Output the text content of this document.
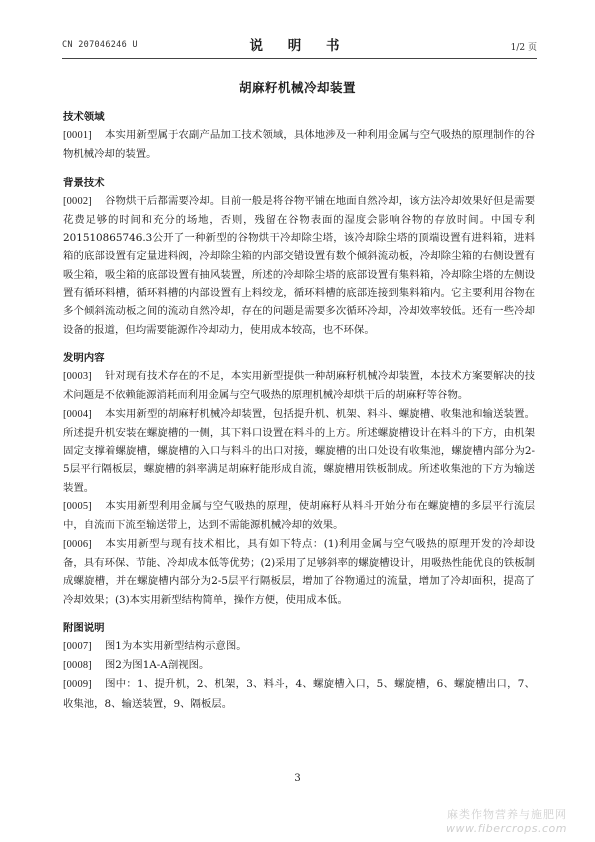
CN 207046246 U	说 明 书	1/2 页
胡麻籽机械冷却装置
技术领域

[0001] 本实用新型属于农副产品加工技术领域，具体地涉及一种利用金属与空气吸热的原理制作的谷物机械冷却的装置。

背景技术

[0002] 谷物烘干后都需要冷却。目前一般是将谷物平铺在地面自然冷却，该方法冷却效果好但是需要花费足够的时间和充分的场地，否则，残留在谷物表面的湿度会影响谷物的存放时间。中国专利201510865746.3公开了一种新型的谷物烘干冷却除尘塔，该冷却除尘塔的顶端设置有进料箱，进料箱的底部设置有定量进料阀，冷却除尘箱的内部交错设置有数个倾斜流动板，冷却除尘箱的右侧设置有吸尘箱，吸尘箱的底部设置有抽风装置，所述的冷却除尘塔的底部设置有集料箱，冷却除尘塔的左侧设置有循环料槽，循环料槽的内部设置有上料绞龙，循环料槽的底部连接到集料箱内。它主要利用谷物在多个倾斜流动板之间的流动自然冷却，存在的问题是需要多次循环冷却，冷却效率较低。还有一些冷却设备的报道，但均需要能源作冷却动力，使用成本较高，也不环保。

发明内容

[0003] 针对现有技术存在的不足，本实用新型提供一种胡麻籽机械冷却装置，本技术方案要解决的技术问题是不依赖能源消耗而利用金属与空气吸热的原理机械冷却烘干后的胡麻籽等谷物。

[0004] 本实用新型的胡麻籽机械冷却装置，包括提升机、机架、料斗、螺旋槽、收集池和输送装置。所述提升机安装在螺旋槽的一侧，其下料口设置在料斗的上方。所述螺旋槽设计在料斗的下方，由机架固定支撑着螺旋槽，螺旋槽的入口与料斗的出口对接，螺旋槽的出口处设有收集池，螺旋槽内部分为2-5层平行隔板层，螺旋槽的斜率满足胡麻籽能形成自流，螺旋槽用铁板制成。所述收集池的下方为输送装置。

[0005] 本实用新型利用金属与空气吸热的原理，使胡麻籽从料斗开始分布在螺旋槽的多层平行流层中，自流而下流至输送带上，达到不需能源机械冷却的效果。

[0006] 本实用新型与现有技术相比，具有如下特点：(1)利用金属与空气吸热的原理开发的冷却设备，具有环保、节能、冷却成本低等优势；(2)采用了足够斜率的螺旋槽设计，用吸热性能优良的铁板制成螺旋槽，并在螺旋槽内部分为2-5层平行隔板层，增加了谷物通过的流量，增加了冷却面积，提高了冷却效果；(3)本实用新型结构简单，操作方便，使用成本低。

附图说明

[0007] 图1为本实用新型结构示意图。

[0008] 图2为图1A-A剖视图。

[0009] 图中：1、提升机，2、机架，3、料斗，4、螺旋槽入口，5、螺旋槽，6、螺旋槽出口，7、收集池，8、输送装置，9、隔板层。

3
麻类作物营养与施肥网
www.fibercrops.com
